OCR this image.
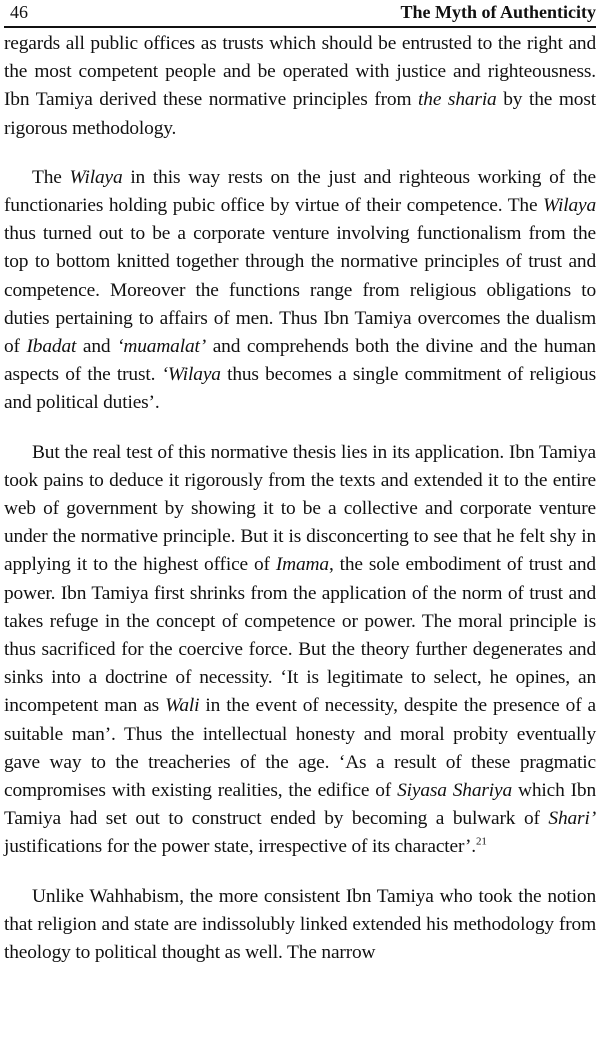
46	The Myth of Authenticity

regards all public offices as trusts which should be entrusted to the right and the most competent people and be operated with justice and righteousness. Ibn Tamiya derived these normative principles from the sharia by the most rigorous methodology.

The Wilaya in this way rests on the just and righteous working of the functionaries holding pubic office by virtue of their competence. The Wilaya thus turned out to be a corporate venture involving functionalism from the top to bottom knitted together through the normative principles of trust and competence. Moreover the functions range from religious obligations to duties pertaining to affairs of men. Thus Ibn Tamiya overcomes the dualism of Ibadat and ‘muamalat’ and comprehends both the divine and the human aspects of the trust. ‘Wilaya thus becomes a single commitment of religious and political duties’.

But the real test of this normative thesis lies in its application. Ibn Tamiya took pains to deduce it rigorously from the texts and extended it to the entire web of government by showing it to be a collective and corporate venture under the normative principle. But it is disconcerting to see that he felt shy in applying it to the highest office of Imama, the sole embodiment of trust and power. Ibn Tamiya first shrinks from the application of the norm of trust and takes refuge in the concept of competence or power. The moral principle is thus sacrificed for the coercive force. But the theory further degenerates and sinks into a doctrine of necessity. ‘It is legitimate to select, he opines, an incompetent man as Wali in the event of necessity, despite the presence of a suitable man’. Thus the intellectual honesty and moral probity eventually gave way to the treacheries of the age. ‘As a result of these pragmatic compromises with existing realities, the edifice of Siyasa Shariya which Ibn Tamiya had set out to construct ended by becoming a bulwark of Shari’ justifications for the power state, irrespective of its character’.$^{21}$

Unlike Wahhabism, the more consistent Ibn Tamiya who took the notion that religion and state are indissolubly linked extended his methodology from theology to political thought as well. The narrow
